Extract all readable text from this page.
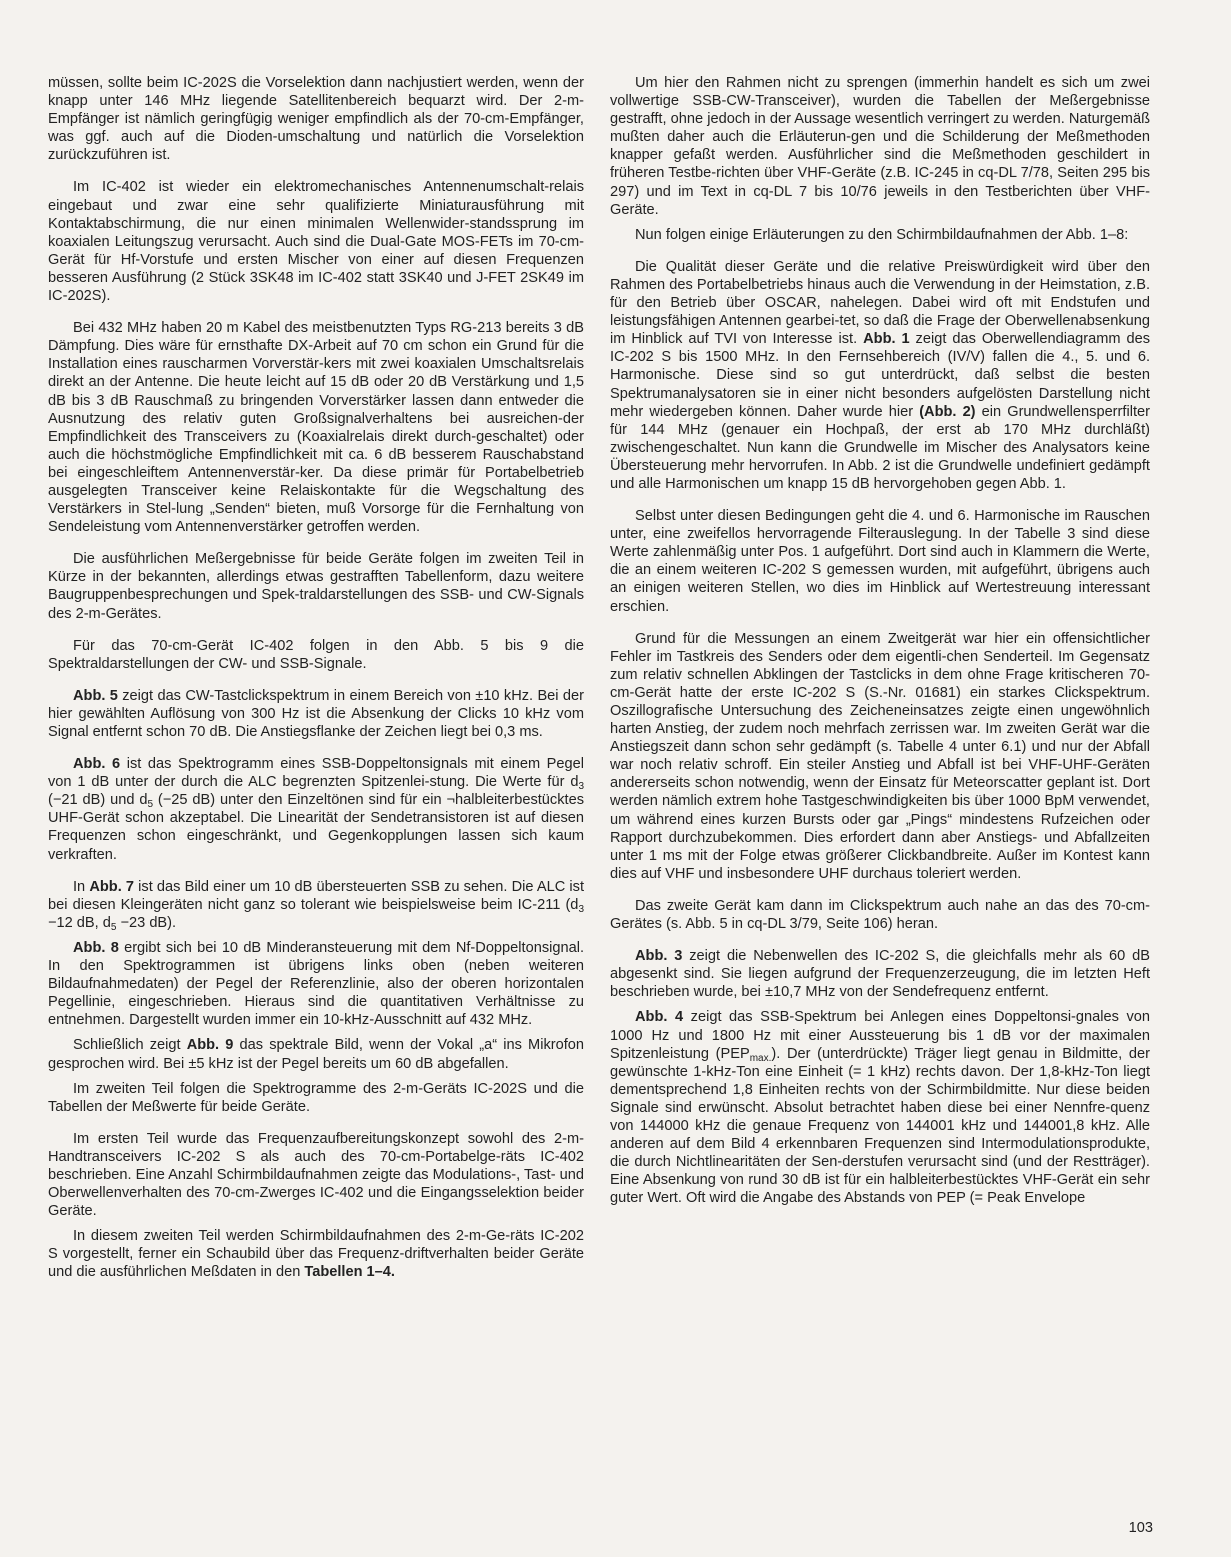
müssen, sollte beim IC-202S die Vorselektion dann nachjustiert werden, wenn der knapp unter 146 MHz liegende Satellitenbereich bequarzt wird. Der 2-m-Empfänger ist nämlich geringfügig weniger empfindlich als der 70-cm-Empfänger, was ggf. auch auf die Dioden-umschaltung und natürlich die Vorselektion zurückzuführen ist.

Im IC-402 ist wieder ein elektromechanisches Antennenumschalt-relais eingebaut und zwar eine sehr qualifizierte Miniaturausführung mit Kontaktabschirmung, die nur einen minimalen Wellenwider-standssprung im koaxialen Leitungszug verursacht. Auch sind die Dual-Gate MOS-FETs im 70-cm-Gerät für Hf-Vorstufe und ersten Mischer von einer auf diesen Frequenzen besseren Ausführung (2 Stück 3SK48 im IC-402 statt 3SK40 und J-FET 2SK49 im IC-202S).

Bei 432 MHz haben 20 m Kabel des meistbenutzten Typs RG-213 bereits 3 dB Dämpfung. Dies wäre für ernsthafte DX-Arbeit auf 70 cm schon ein Grund für die Installation eines rauscharmen Vorverstär-kers mit zwei koaxialen Umschaltsrelais direkt an der Antenne. Die heute leicht auf 15 dB oder 20 dB Verstärkung und 1,5 dB bis 3 dB Rauschmaß zu bringenden Vorverstärker lassen dann entweder die Ausnutzung des relativ guten Großsignalverhaltens bei ausreichen-der Empfindlichkeit des Transceivers zu (Koaxialrelais direkt durch-geschaltet) oder auch die höchstmögliche Empfindlichkeit mit ca. 6 dB besserem Rauschabstand bei eingeschleiftem Antennenverstär-ker. Da diese primär für Portabelbetrieb ausgelegten Transceiver keine Relaiskontakte für die Wegschaltung des Verstärkers in Stel-lung „Senden“ bieten, muß Vorsorge für die Fernhaltung von Sendeleistung vom Antennenverstärker getroffen werden.

Die ausführlichen Meßergebnisse für beide Geräte folgen im zweiten Teil in Kürze in der bekannten, allerdings etwas gestrafften Tabellenform, dazu weitere Baugruppenbesprechungen und Spek-traldarstellungen des SSB- und CW-Signals des 2-m-Gerätes.

Für das 70-cm-Gerät IC-402 folgen in den Abb. 5 bis 9 die Spektraldarstellungen der CW- und SSB-Signale.

Abb. 5 zeigt das CW-Tastclickspektrum in einem Bereich von ±10 kHz. Bei der hier gewählten Auflösung von 300 Hz ist die Absenkung der Clicks 10 kHz vom Signal entfernt schon 70 dB. Die Anstiegsflanke der Zeichen liegt bei 0,3 ms.

Abb. 6 ist das Spektrogramm eines SSB-Doppeltonsignals mit einem Pegel von 1 dB unter der durch die ALC begrenzten Spitzenlei-stung. Die Werte für $d_3$ (−21 dB) und $d_5$ (−25 dB) unter den Einzeltönen sind für ein ¬halbleiterbestücktes UHF-Gerät schon akzeptabel. Die Linearität der Sendetransistoren ist auf diesen Frequenzen schon eingeschränkt, und Gegenkopplungen lassen sich kaum verkraften.

In Abb. 7 ist das Bild einer um 10 dB übersteuerten SSB zu sehen. Die ALC ist bei diesen Kleingeräten nicht ganz so tolerant wie beispielsweise beim IC-211 ($d_3 -12$ dB, $d_5 -23$ dB).

Abb. 8 ergibt sich bei 10 dB Minderansteuerung mit dem Nf-Doppeltonsignal. In den Spektrogrammen ist übrigens links oben (neben weiteren Bildaufnahmedaten) der Pegel der Referenzlinie, also der oberen horizontalen Pegellinie, eingeschrieben. Hieraus sind die quantitativen Verhältnisse zu entnehmen. Dargestellt wurden immer ein 10-kHz-Ausschnitt auf 432 MHz.

Schließlich zeigt Abb. 9 das spektrale Bild, wenn der Vokal „a“ ins Mikrofon gesprochen wird. Bei ±5 kHz ist der Pegel bereits um 60 dB abgefallen.

Im zweiten Teil folgen die Spektrogramme des 2-m-Geräts IC-202S und die Tabellen der Meßwerte für beide Geräte.

Im ersten Teil wurde das Frequenzaufbereitungskonzept sowohl des 2-m-Handtransceivers IC-202 S als auch des 70-cm-Portabelge-räts IC-402 beschrieben. Eine Anzahl Schirmbildaufnahmen zeigte das Modulations-, Tast- und Oberwellenverhalten des 70-cm-Zwerges IC-402 und die Eingangsselektion beider Geräte.

In diesem zweiten Teil werden Schirmbildaufnahmen des 2-m-Ge-räts IC-202 S vorgestellt, ferner ein Schaubild über das Frequenz-driftverhalten beider Geräte und die ausführlichen Meßdaten in den Tabellen 1–4.

Um hier den Rahmen nicht zu sprengen (immerhin handelt es sich um zwei vollwertige SSB-CW-Transceiver), wurden die Tabellen der Meßergebnisse gestrafft, ohne jedoch in der Aussage wesentlich verringert zu werden. Naturgemäß mußten daher auch die Erläuterun-gen und die Schilderung der Meßmethoden knapper gefaßt werden. Ausführlicher sind die Meßmethoden geschildert in früheren Testbe-richten über VHF-Geräte (z.B. IC-245 in cq-DL 7/78, Seiten 295 bis 297) und im Text in cq-DL 7 bis 10/76 jeweils in den Testberichten über VHF-Geräte.

Nun folgen einige Erläuterungen zu den Schirmbildaufnahmen der Abb. 1–8:

Die Qualität dieser Geräte und die relative Preiswürdigkeit wird über den Rahmen des Portabelbetriebs hinaus auch die Verwendung in der Heimstation, z.B. für den Betrieb über OSCAR, nahelegen. Dabei wird oft mit Endstufen und leistungsfähigen Antennen gearbei-tet, so daß die Frage der Oberwellenabsenkung im Hinblick auf TVI von Interesse ist. Abb. 1 zeigt das Oberwellendiagramm des IC-202 S bis 1500 MHz. In den Fernsehbereich (IV/V) fallen die 4., 5. und 6. Harmonische. Diese sind so gut unterdrückt, daß selbst die besten Spektrumanalysatoren sie in einer nicht besonders aufgelösten Darstellung nicht mehr wiedergeben können. Daher wurde hier (Abb. 2) ein Grundwellensperrfilter für 144 MHz (genauer ein Hochpaß, der erst ab 170 MHz durchläßt) zwischengeschaltet. Nun kann die Grundwelle im Mischer des Analysators keine Übersteuerung mehr hervorrufen. In Abb. 2 ist die Grundwelle undefiniert gedämpft und alle Harmonischen um knapp 15 dB hervorgehoben gegen Abb. 1.

Selbst unter diesen Bedingungen geht die 4. und 6. Harmonische im Rauschen unter, eine zweifellos hervorragende Filterauslegung. In der Tabelle 3 sind diese Werte zahlenmäßig unter Pos. 1 aufgeführt. Dort sind auch in Klammern die Werte, die an einem weiteren IC-202 S gemessen wurden, mit aufgeführt, übrigens auch an einigen weiteren Stellen, wo dies im Hinblick auf Wertestreuung interessant erschien.

Grund für die Messungen an einem Zweitgerät war hier ein offensichtlicher Fehler im Tastkreis des Senders oder dem eigentli-chen Senderteil. Im Gegensatz zum relativ schnellen Abklingen der Tastclicks in dem ohne Frage kritischeren 70-cm-Gerät hatte der erste IC-202 S (S.-Nr. 01681) ein starkes Clickspektrum. Oszillografische Untersuchung des Zeicheneinsatzes zeigte einen ungewöhnlich harten Anstieg, der zudem noch mehrfach zerrissen war. Im zweiten Gerät war die Anstiegszeit dann schon sehr gedämpft (s. Tabelle 4 unter 6.1) und nur der Abfall war noch relativ schroff. Ein steiler Anstieg und Abfall ist bei VHF-UHF-Geräten andererseits schon notwendig, wenn der Einsatz für Meteorscatter geplant ist. Dort werden nämlich extrem hohe Tastgeschwindigkeiten bis über 1000 BpM verwendet, um während eines kurzen Bursts oder gar „Pings“ mindestens Rufzeichen oder Rapport durchzubekommen. Dies erfordert dann aber Anstiegs- und Abfallzeiten unter 1 ms mit der Folge etwas größerer Clickbandbreite. Außer im Kontest kann dies auf VHF und insbesondere UHF durchaus toleriert werden.

Das zweite Gerät kam dann im Clickspektrum auch nahe an das des 70-cm-Gerätes (s. Abb. 5 in cq-DL 3/79, Seite 106) heran.

Abb. 3 zeigt die Nebenwellen des IC-202 S, die gleichfalls mehr als 60 dB abgesenkt sind. Sie liegen aufgrund der Frequenzerzeugung, die im letzten Heft beschrieben wurde, bei ±10,7 MHz von der Sendefrequenz entfernt.

Abb. 4 zeigt das SSB-Spektrum bei Anlegen eines Doppeltonsi-gnales von 1000 Hz und 1800 Hz mit einer Aussteuerung bis 1 dB vor der maximalen Spitzenleistung $(PEP_{max.})$. Der (unterdrückte) Träger liegt genau in Bildmitte, der gewünschte 1-kHz-Ton eine Einheit (= 1 kHz) rechts davon. Der 1,8-kHz-Ton liegt dementsprechend 1,8 Einheiten rechts von der Schirmbildmitte. Nur diese beiden Signale sind erwünscht. Absolut betrachtet haben diese bei einer Nennfre-quenz von 144000 kHz die genaue Frequenz von 144001 kHz und 144001,8 kHz. Alle anderen auf dem Bild 4 erkennbaren Frequenzen sind Intermodulationsprodukte, die durch Nichtlinearitäten der Sen-derstufen verursacht sind (und der Restträger). Eine Absenkung von rund 30 dB ist für ein halbleiterbestücktes VHF-Gerät ein sehr guter Wert. Oft wird die Angabe des Abstands von PEP (= Peak Envelope

103
